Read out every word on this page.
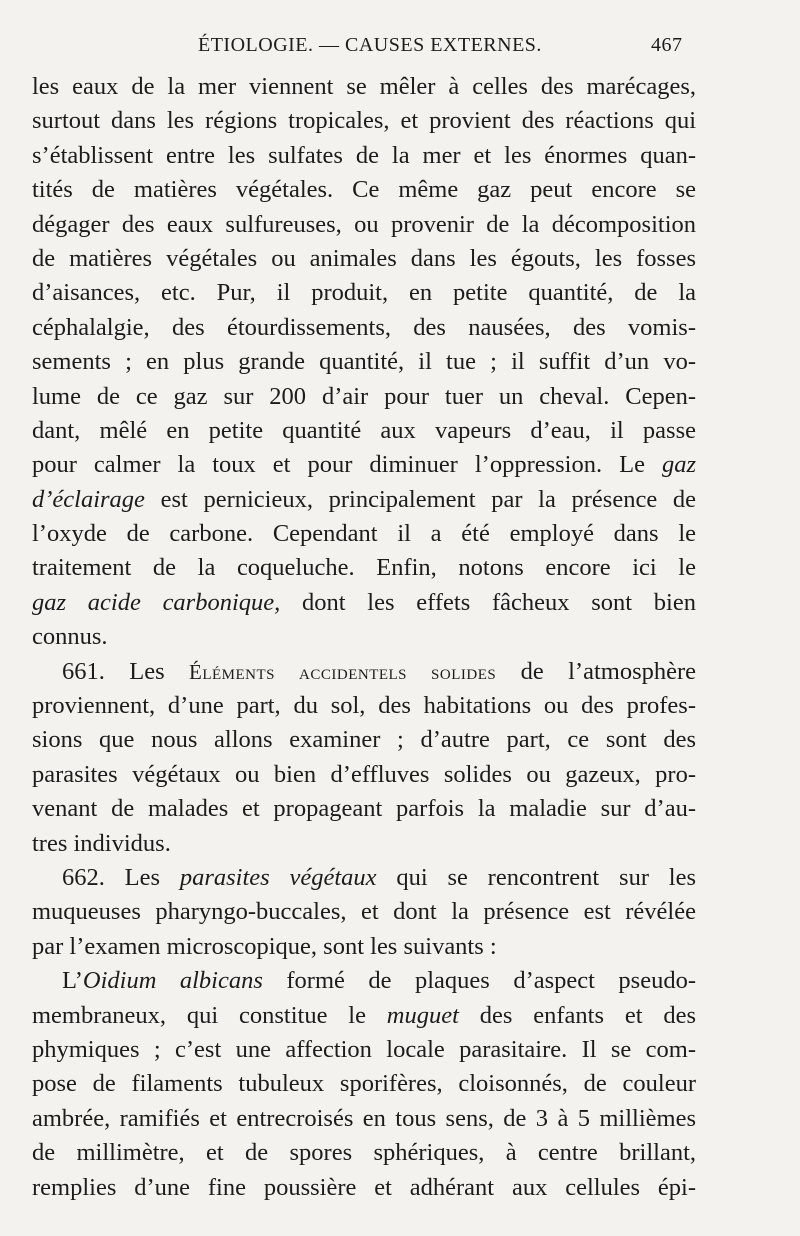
ÉTIOLOGIE. — CAUSES EXTERNES.	467
les eaux de la mer viennent se mêler à celles des marécages,
surtout dans les régions tropicales, et provient des réactions qui
s’établissent entre les sulfates de la mer et les énormes quan-
tités de matières végétales. Ce même gaz peut encore se
dégager des eaux sulfureuses, ou provenir de la décomposition
de matières végétales ou animales dans les égouts, les fosses
d’aisances, etc. Pur, il produit, en petite quantité, de la
céphalalgie, des étourdissements, des nausées, des vomis-
sements ; en plus grande quantité, il tue ; il suffit d’un vo-
lume de ce gaz sur 200 d’air pour tuer un cheval. Cepen-
dant, mêlé en petite quantité aux vapeurs d’eau, il passe
pour calmer la toux et pour diminuer l’oppression. Le gaz
d’éclairage est pernicieux, principalement par la présence de
l’oxyde de carbone. Cependant il a été employé dans le
traitement de la coqueluche. Enfin, notons encore ici le
gaz acide carbonique, dont les effets fâcheux sont bien
connus.
661. Les Éléments accidentels solides de l’atmosphère
proviennent, d’une part, du sol, des habitations ou des profes-
sions que nous allons examiner ; d’autre part, ce sont des
parasites végétaux ou bien d’effluves solides ou gazeux, pro-
venant de malades et propageant parfois la maladie sur d’au-
tres individus.
662. Les parasites végétaux qui se rencontrent sur les
muqueuses pharyngo-buccales, et dont la présence est révélée
par l’examen microscopique, sont les suivants :
L’Oidium albicans formé de plaques d’aspect pseudo-
membraneux, qui constitue le muguet des enfants et des
phymiques ; c’est une affection locale parasitaire. Il se com-
pose de filaments tubuleux sporifères, cloisonnés, de couleur
ambrée, ramifiés et entrecroisés en tous sens, de 3 à 5 millièmes
de millimètre, et de spores sphériques, à centre brillant,
remplies d’une fine poussière et adhérant aux cellules épi-
